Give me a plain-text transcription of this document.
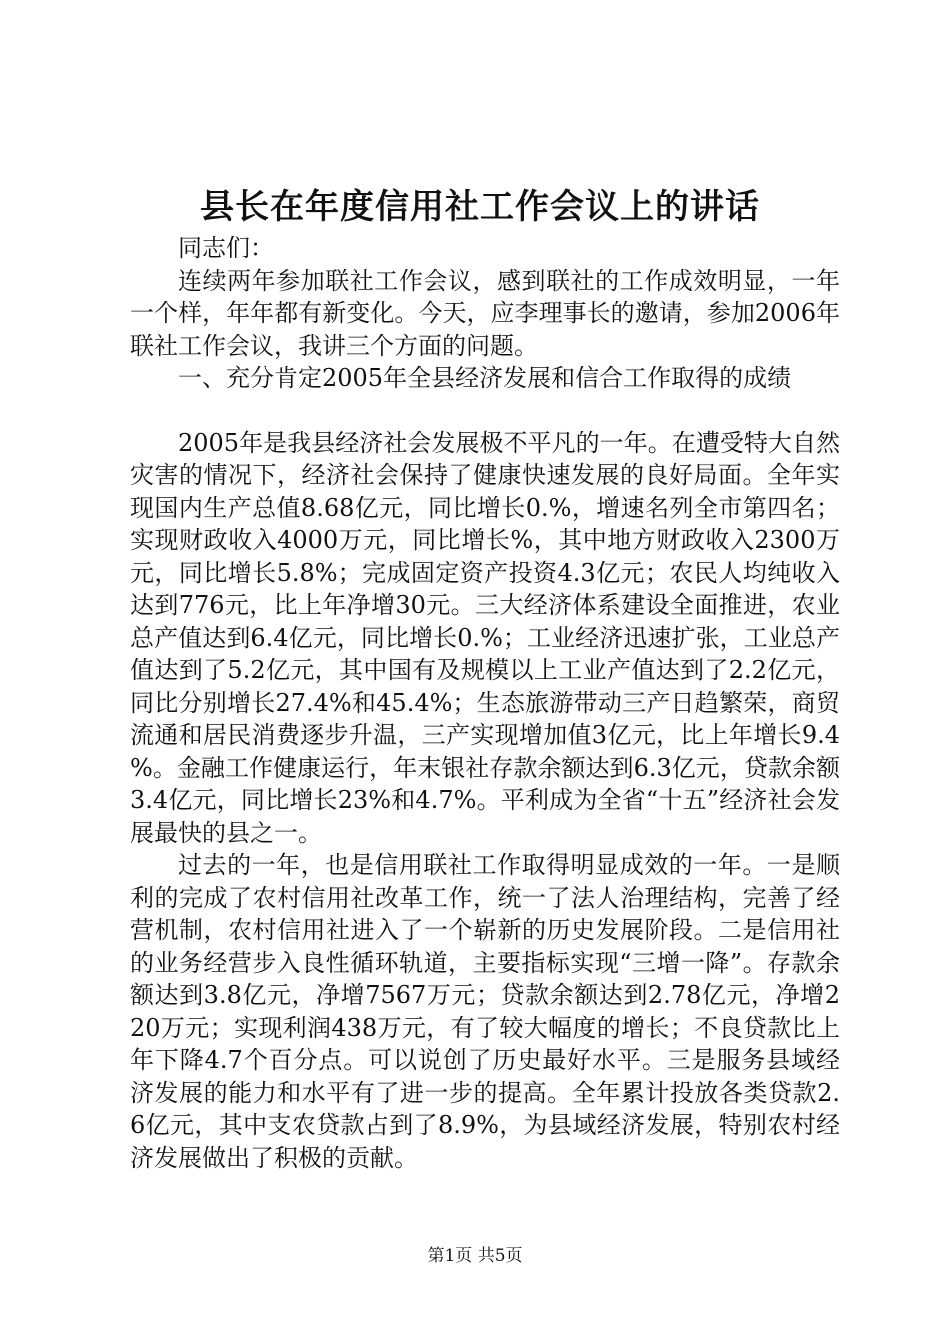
县长在年度信用社工作会议上的讲话

同志们：

连续两年参加联社工作会议，感到联社的工作成效明显，一年一个样，年年都有新变化。今天，应李理事长的邀请，参加2006年联社工作会议，我讲三个方面的问题。

一、充分肯定2005年全县经济发展和信合工作取得的成绩

2005年是我县经济社会发展极不平凡的一年。在遭受特大自然灾害的情况下，经济社会保持了健康快速发展的良好局面。全年实现国内生产总值8.68亿元，同比增长0.%，增速名列全市第四名；实现财政收入4000万元，同比增长%，其中地方财政收入2300万元，同比增长5.8%；完成固定资产投资4.3亿元；农民人均纯收入达到776元，比上年净增30元。三大经济体系建设全面推进，农业总产值达到6.4亿元，同比增长0.%；工业经济迅速扩张，工业总产值达到了5.2亿元，其中国有及规模以上工业产值达到了2.2亿元，同比分别增长27.4%和45.4%；生态旅游带动三产日趋繁荣，商贸流通和居民消费逐步升温，三产实现增加值3亿元，比上年增长9.4%。金融工作健康运行，年末银社存款余额达到6.3亿元，贷款余额3.4亿元，同比增长23%和4.7%。平利成为全省“十五”经济社会发展最快的县之一。

过去的一年，也是信用联社工作取得明显成效的一年。一是顺利的完成了农村信用社改革工作，统一了法人治理结构，完善了经营机制，农村信用社进入了一个崭新的历史发展阶段。二是信用社的业务经营步入良性循环轨道，主要指标实现“三增一降”。存款余额达到3.8亿元，净增7567万元；贷款余额达到2.78亿元，净增220万元；实现利润438万元，有了较大幅度的增长；不良贷款比上年下降4.7个百分点。可以说创了历史最好水平。三是服务县域经济发展的能力和水平有了进一步的提高。全年累计投放各类贷款2.6亿元，其中支农贷款占到了8.9%，为县域经济发展，特别农村经济发展做出了积极的贡献。

第1页 共5页
